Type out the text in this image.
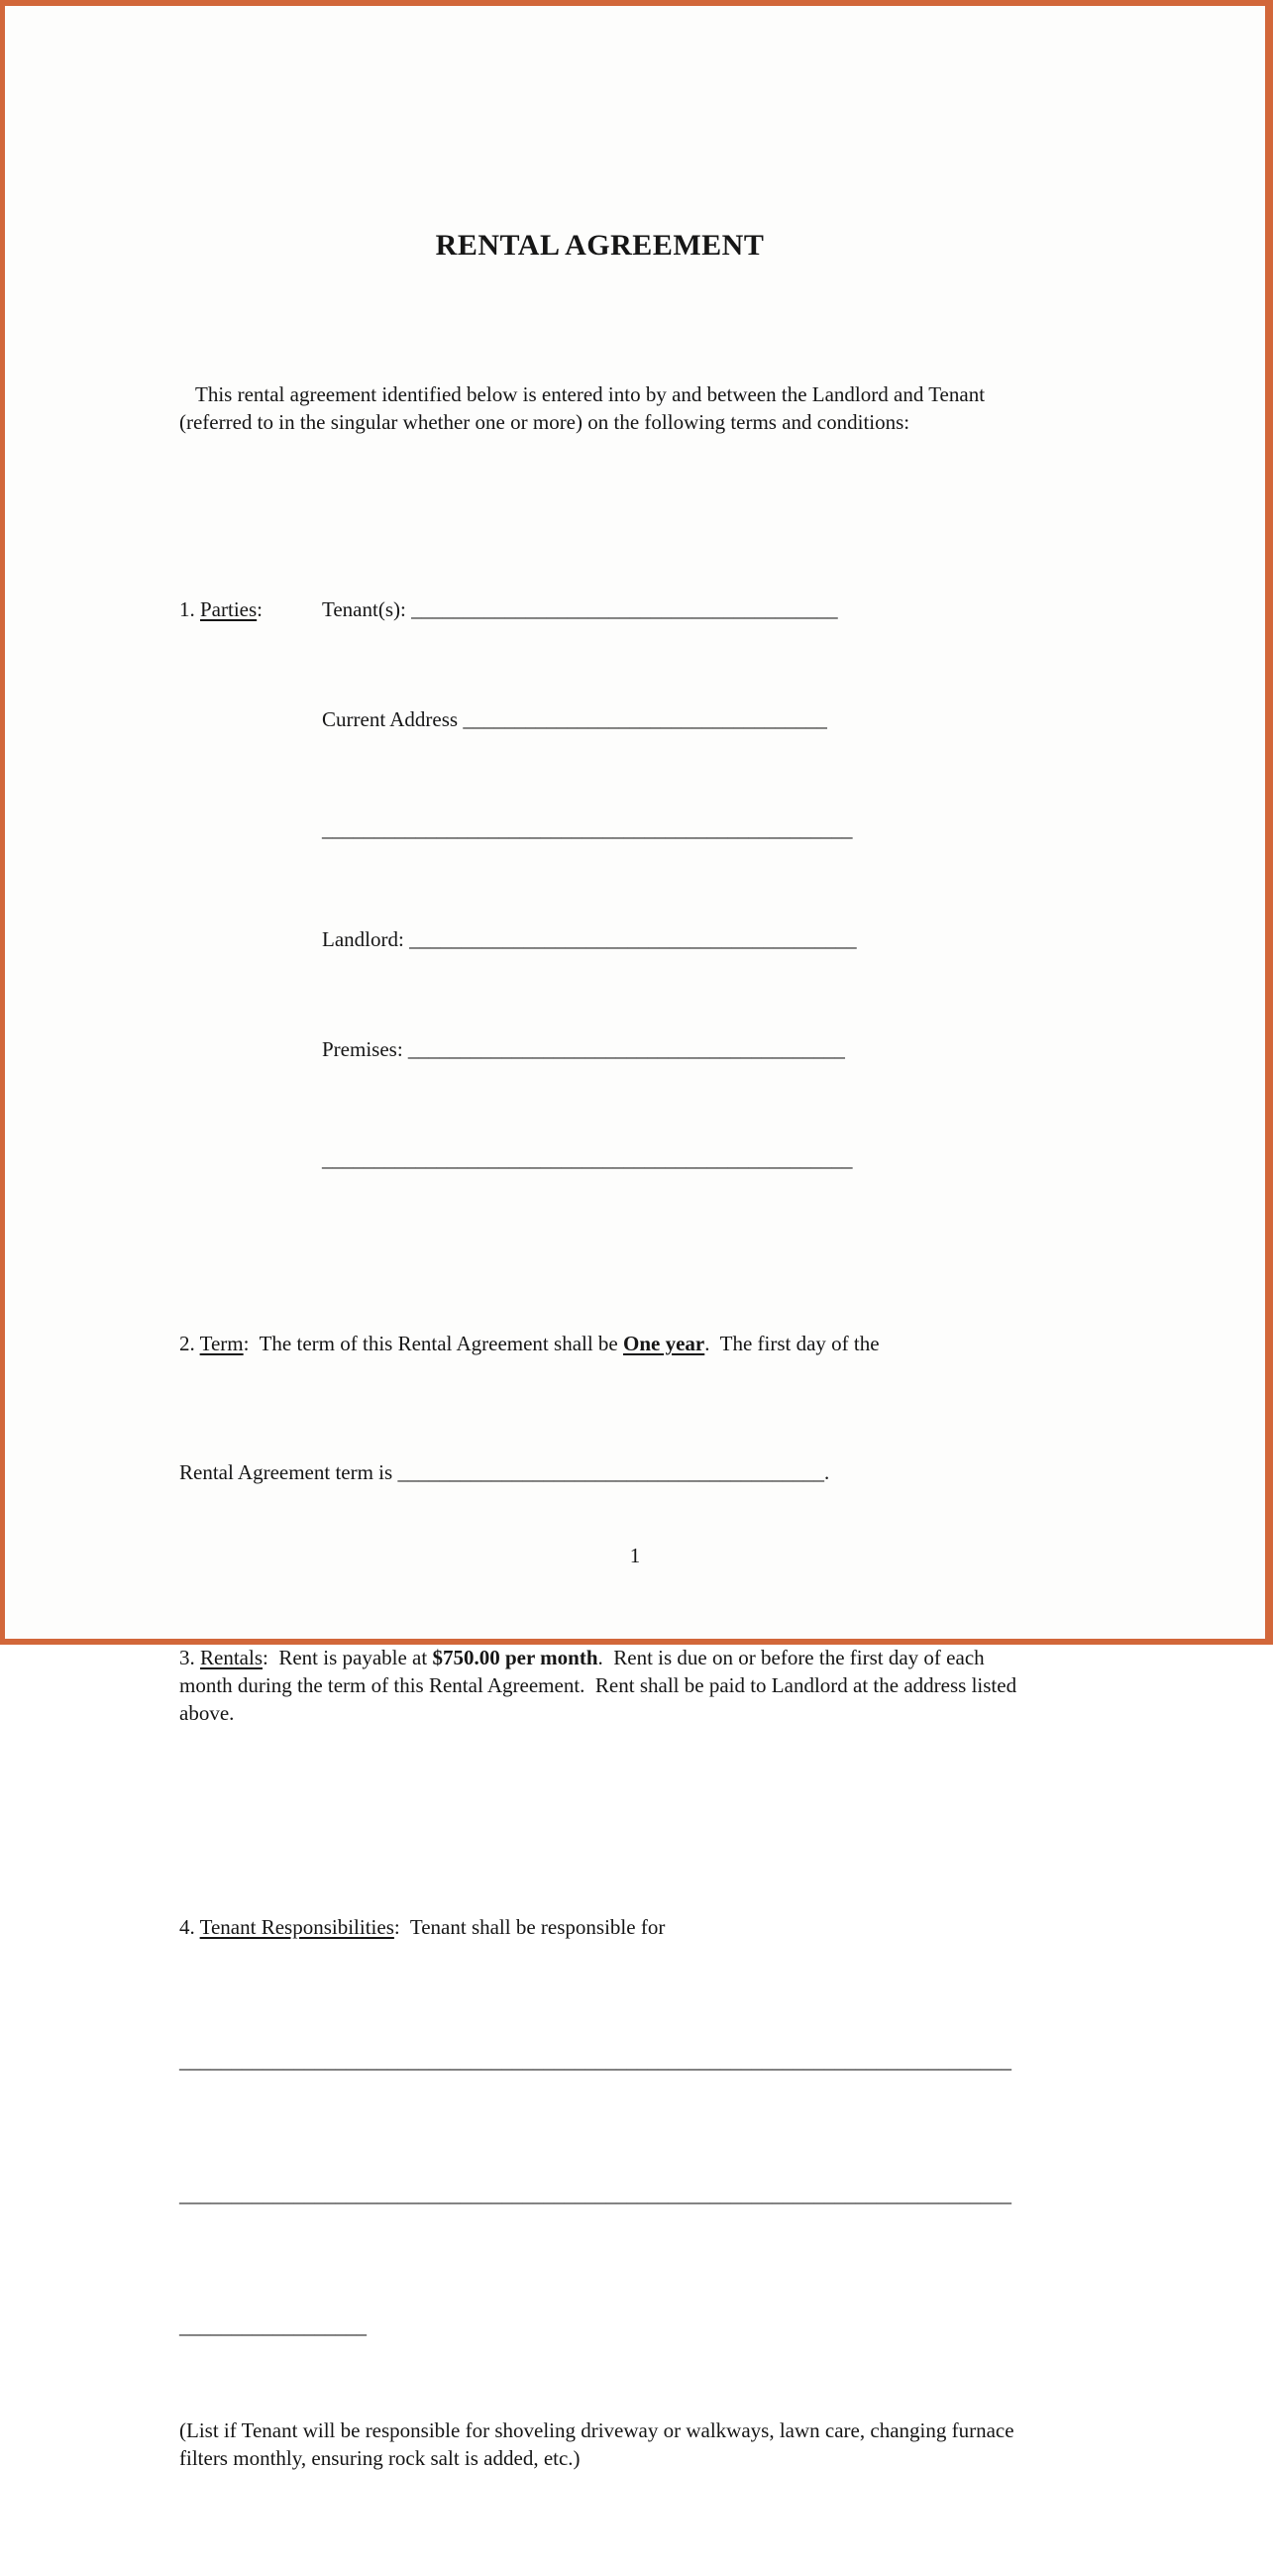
RENTAL AGREEMENT

This rental agreement identified below is entered into by and between the Landlord and Tenant (referred to in the singular whether one or more) on the following terms and conditions:

1. Parties:	Tenant(s): _________________________________________

Current Address ___________________________________

___________________________________________________

Landlord: ___________________________________________

Premises: __________________________________________

___________________________________________________

2. Term:  The term of this Rental Agreement shall be One year.  The first day of the

Rental Agreement term is _________________________________________.

3. Rentals:  Rent is payable at $750.00 per month.  Rent is due on or before the first day of each month during the term of this Rental Agreement.  Rent shall be paid to Landlord at the address listed above.

4. Tenant Responsibilities:  Tenant shall be responsible for

________________________________________________________________________________

________________________________________________________________________________

__________________

(List if Tenant will be responsible for shoveling driveway or walkways, lawn care, changing furnace filters monthly, ensuring rock salt is added, etc.)

1
